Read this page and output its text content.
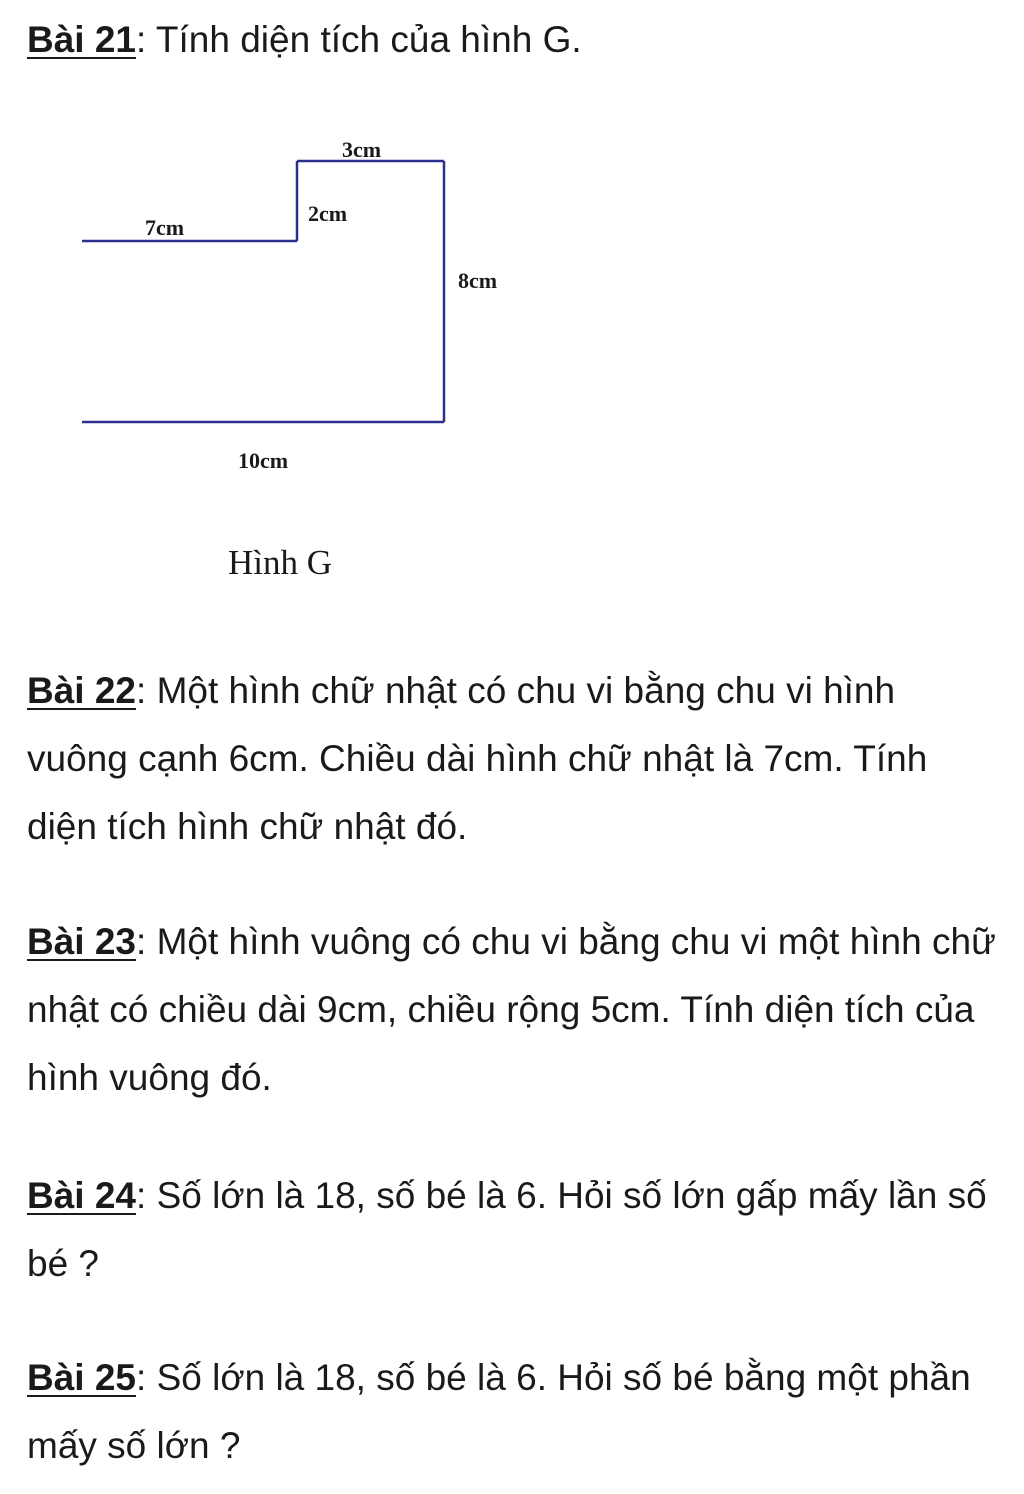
Bài 21: Tính diện tích của hình G.

3cm
7cm
2cm
8cm
10cm
Hình G

Bài 22: Một hình chữ nhật có chu vi bằng chu vi hình vuông cạnh 6cm. Chiều dài hình chữ nhật là 7cm. Tính diện tích hình chữ nhật đó.

Bài 23: Một hình vuông có chu vi bằng chu vi một hình chữ nhật có chiều dài 9cm, chiều rộng 5cm. Tính diện tích của hình vuông đó.

Bài 24: Số lớn là 18, số bé là 6. Hỏi số lớn gấp mấy lần số bé ?

Bài 25: Số lớn là 18, số bé là 6. Hỏi số bé bằng một phần mấy số lớn ?
